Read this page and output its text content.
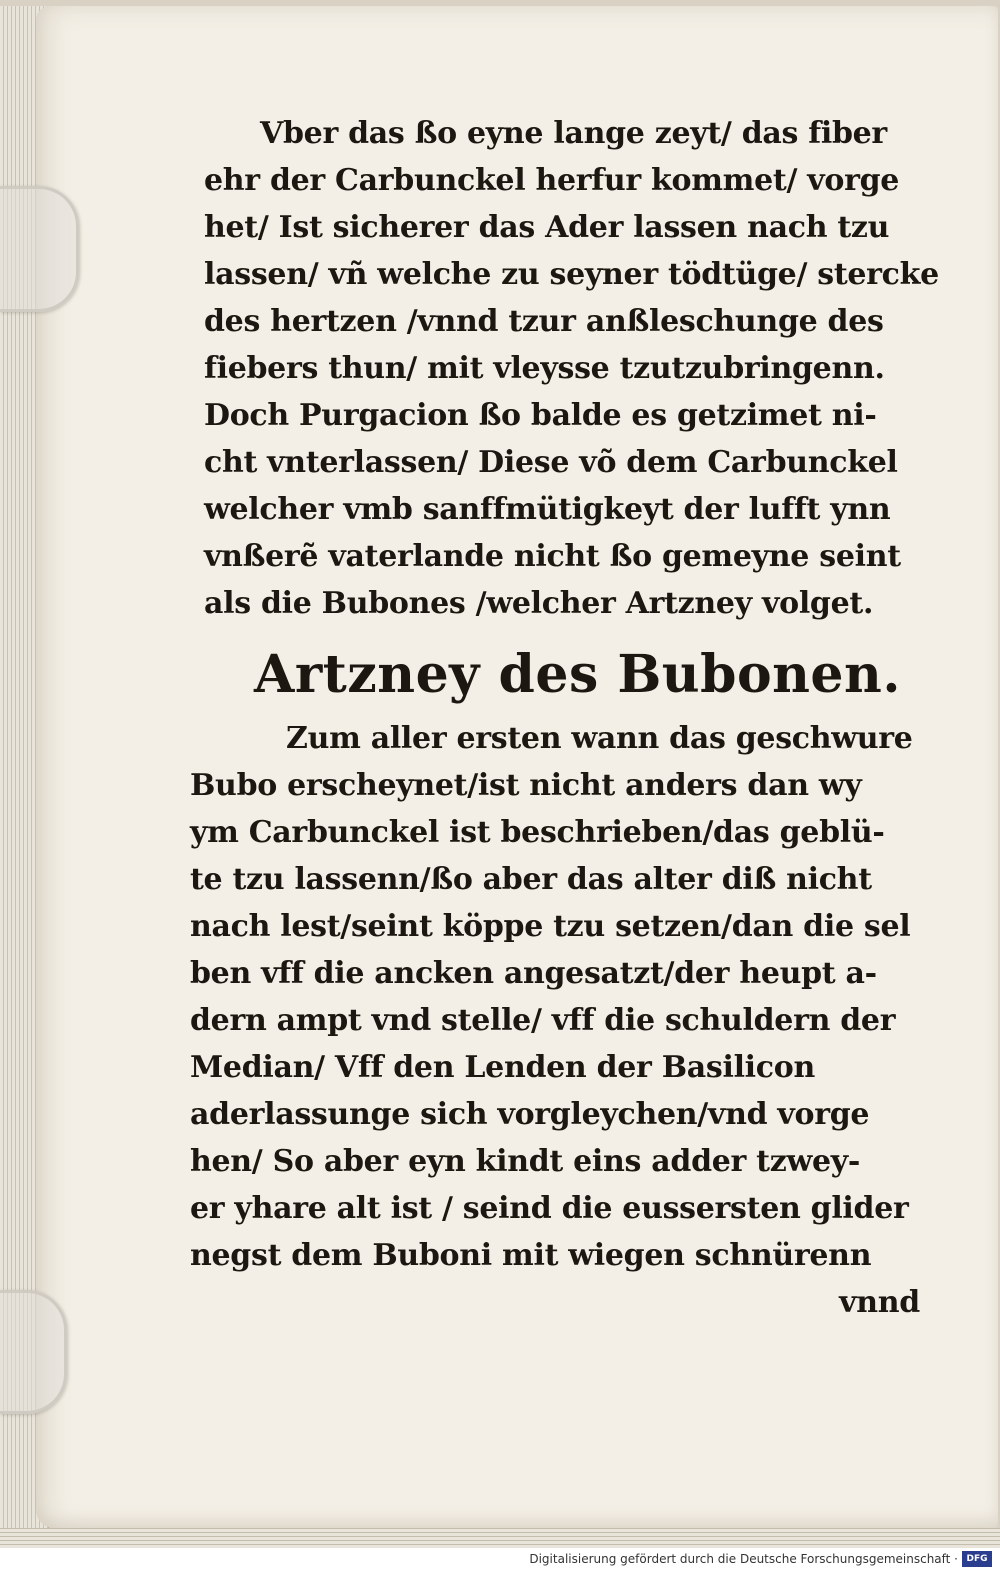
Vber das ßo eyne lange zeyt/ das fiber
ehr der Carbunckel herfur kommet/ vorge
het/ Ist sicherer das Ader lassen nach tzu
lassen/ vñ welche zu seyner tödtüge/ stercke
des hertzen /vnnd tzur anßleschunge des
fiebers thun/ mit vleysse tzutzubringenn.
Doch Purgacion ßo balde es getzimet ni-
cht vnterlassen/ Diese võ dem Carbunckel
welcher vmb sanffmütigkeyt der lufft ynn
vnßerẽ vaterlande nicht ßo gemeyne seint
als die Bubones /welcher Artzney volget.
Artzney des Bubonen.
Zum aller ersten wann das geschwure
Bubo erscheynet/ist nicht anders dan wy
ym Carbunckel ist beschrieben/das geblü-
te tzu lassenn/ßo aber das alter diß nicht
nach lest/seint köppe tzu setzen/dan die sel
ben vff die ancken angesatzt/der heupt a-
dern ampt vnd stelle/ vff die schuldern der
Median/ Vff den Lenden der Basilicon
aderlassunge sich vorgleychen/vnd vorge
hen/ So aber eyn kindt eins adder tzwey-
er yhare alt ist / seind die eussersten glider
negst dem Buboni mit wiegen schnürenn
vnnd
Digitalisierung gefördert durch die Deutsche Forschungsgemeinschaft · DFG
